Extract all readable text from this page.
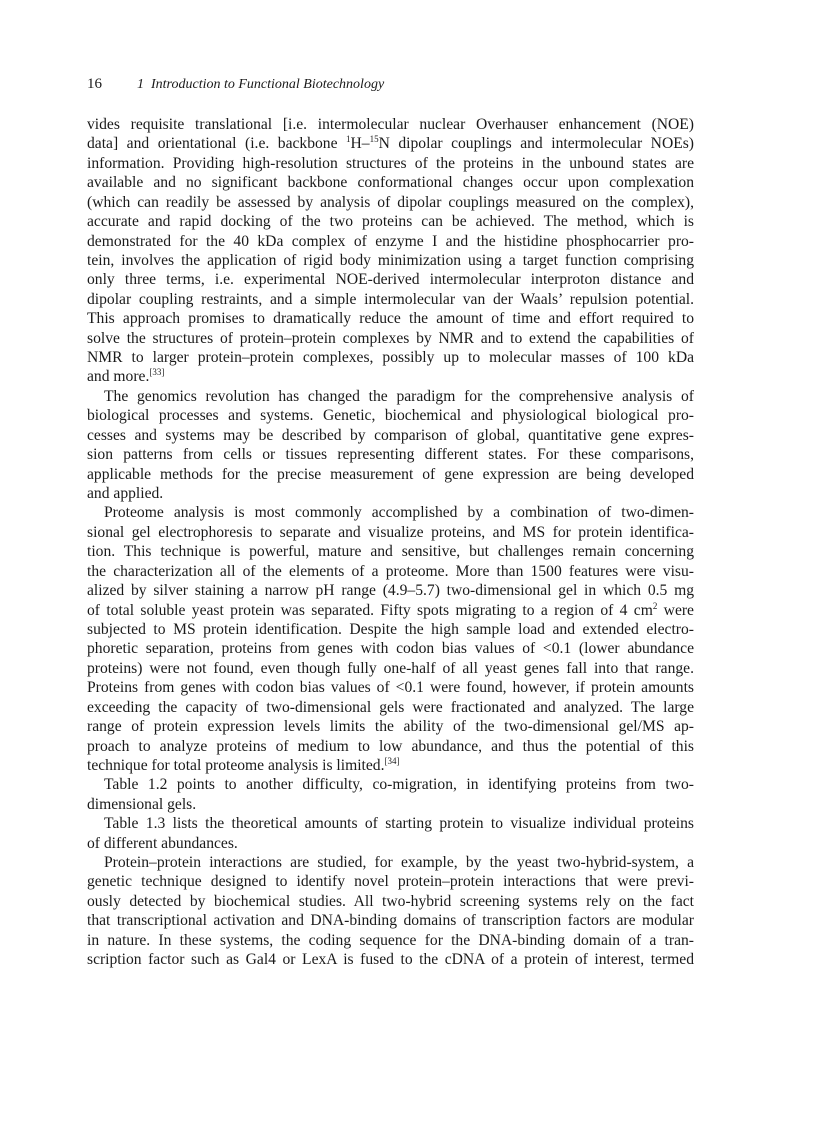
16	1  Introduction to Functional Biotechnology
vides requisite translational [i.e. intermolecular nuclear Overhauser enhancement (NOE)
data] and orientational (i.e. backbone $^1$H–$^{15}$N dipolar couplings and intermolecular NOEs)
information. Providing high-resolution structures of the proteins in the unbound states are
available and no significant backbone conformational changes occur upon complexation
(which can readily be assessed by analysis of dipolar couplings measured on the complex),
accurate and rapid docking of the two proteins can be achieved. The method, which is
demonstrated for the 40 kDa complex of enzyme I and the histidine phosphocarrier pro-
tein, involves the application of rigid body minimization using a target function comprising
only three terms, i.e. experimental NOE-derived intermolecular interproton distance and
dipolar coupling restraints, and a simple intermolecular van der Waals’ repulsion potential.
This approach promises to dramatically reduce the amount of time and effort required to
solve the structures of protein–protein complexes by NMR and to extend the capabilities of
NMR to larger protein–protein complexes, possibly up to molecular masses of 100 kDa
and more.[33]
The genomics revolution has changed the paradigm for the comprehensive analysis of
biological processes and systems. Genetic, biochemical and physiological biological pro-
cesses and systems may be described by comparison of global, quantitative gene expres-
sion patterns from cells or tissues representing different states. For these comparisons,
applicable methods for the precise measurement of gene expression are being developed
and applied.
Proteome analysis is most commonly accomplished by a combination of two-dimen-
sional gel electrophoresis to separate and visualize proteins, and MS for protein identifica-
tion. This technique is powerful, mature and sensitive, but challenges remain concerning
the characterization all of the elements of a proteome. More than 1500 features were visu-
alized by silver staining a narrow pH range (4.9–5.7) two-dimensional gel in which 0.5 mg
of total soluble yeast protein was separated. Fifty spots migrating to a region of 4 $cm^2$ were
subjected to MS protein identification. Despite the high sample load and extended electro-
phoretic separation, proteins from genes with codon bias values of <0.1 (lower abundance
proteins) were not found, even though fully one-half of all yeast genes fall into that range.
Proteins from genes with codon bias values of <0.1 were found, however, if protein amounts
exceeding the capacity of two-dimensional gels were fractionated and analyzed. The large
range of protein expression levels limits the ability of the two-dimensional gel/MS ap-
proach to analyze proteins of medium to low abundance, and thus the potential of this
technique for total proteome analysis is limited.[34]
Table 1.2 points to another difficulty, co-migration, in identifying proteins from two-
dimensional gels.
Table 1.3 lists the theoretical amounts of starting protein to visualize individual proteins
of different abundances.
Protein–protein interactions are studied, for example, by the yeast two-hybrid-system, a
genetic technique designed to identify novel protein–protein interactions that were previ-
ously detected by biochemical studies. All two-hybrid screening systems rely on the fact
that transcriptional activation and DNA-binding domains of transcription factors are modular
in nature. In these systems, the coding sequence for the DNA-binding domain of a tran-
scription factor such as Gal4 or LexA is fused to the cDNA of a protein of interest, termed
